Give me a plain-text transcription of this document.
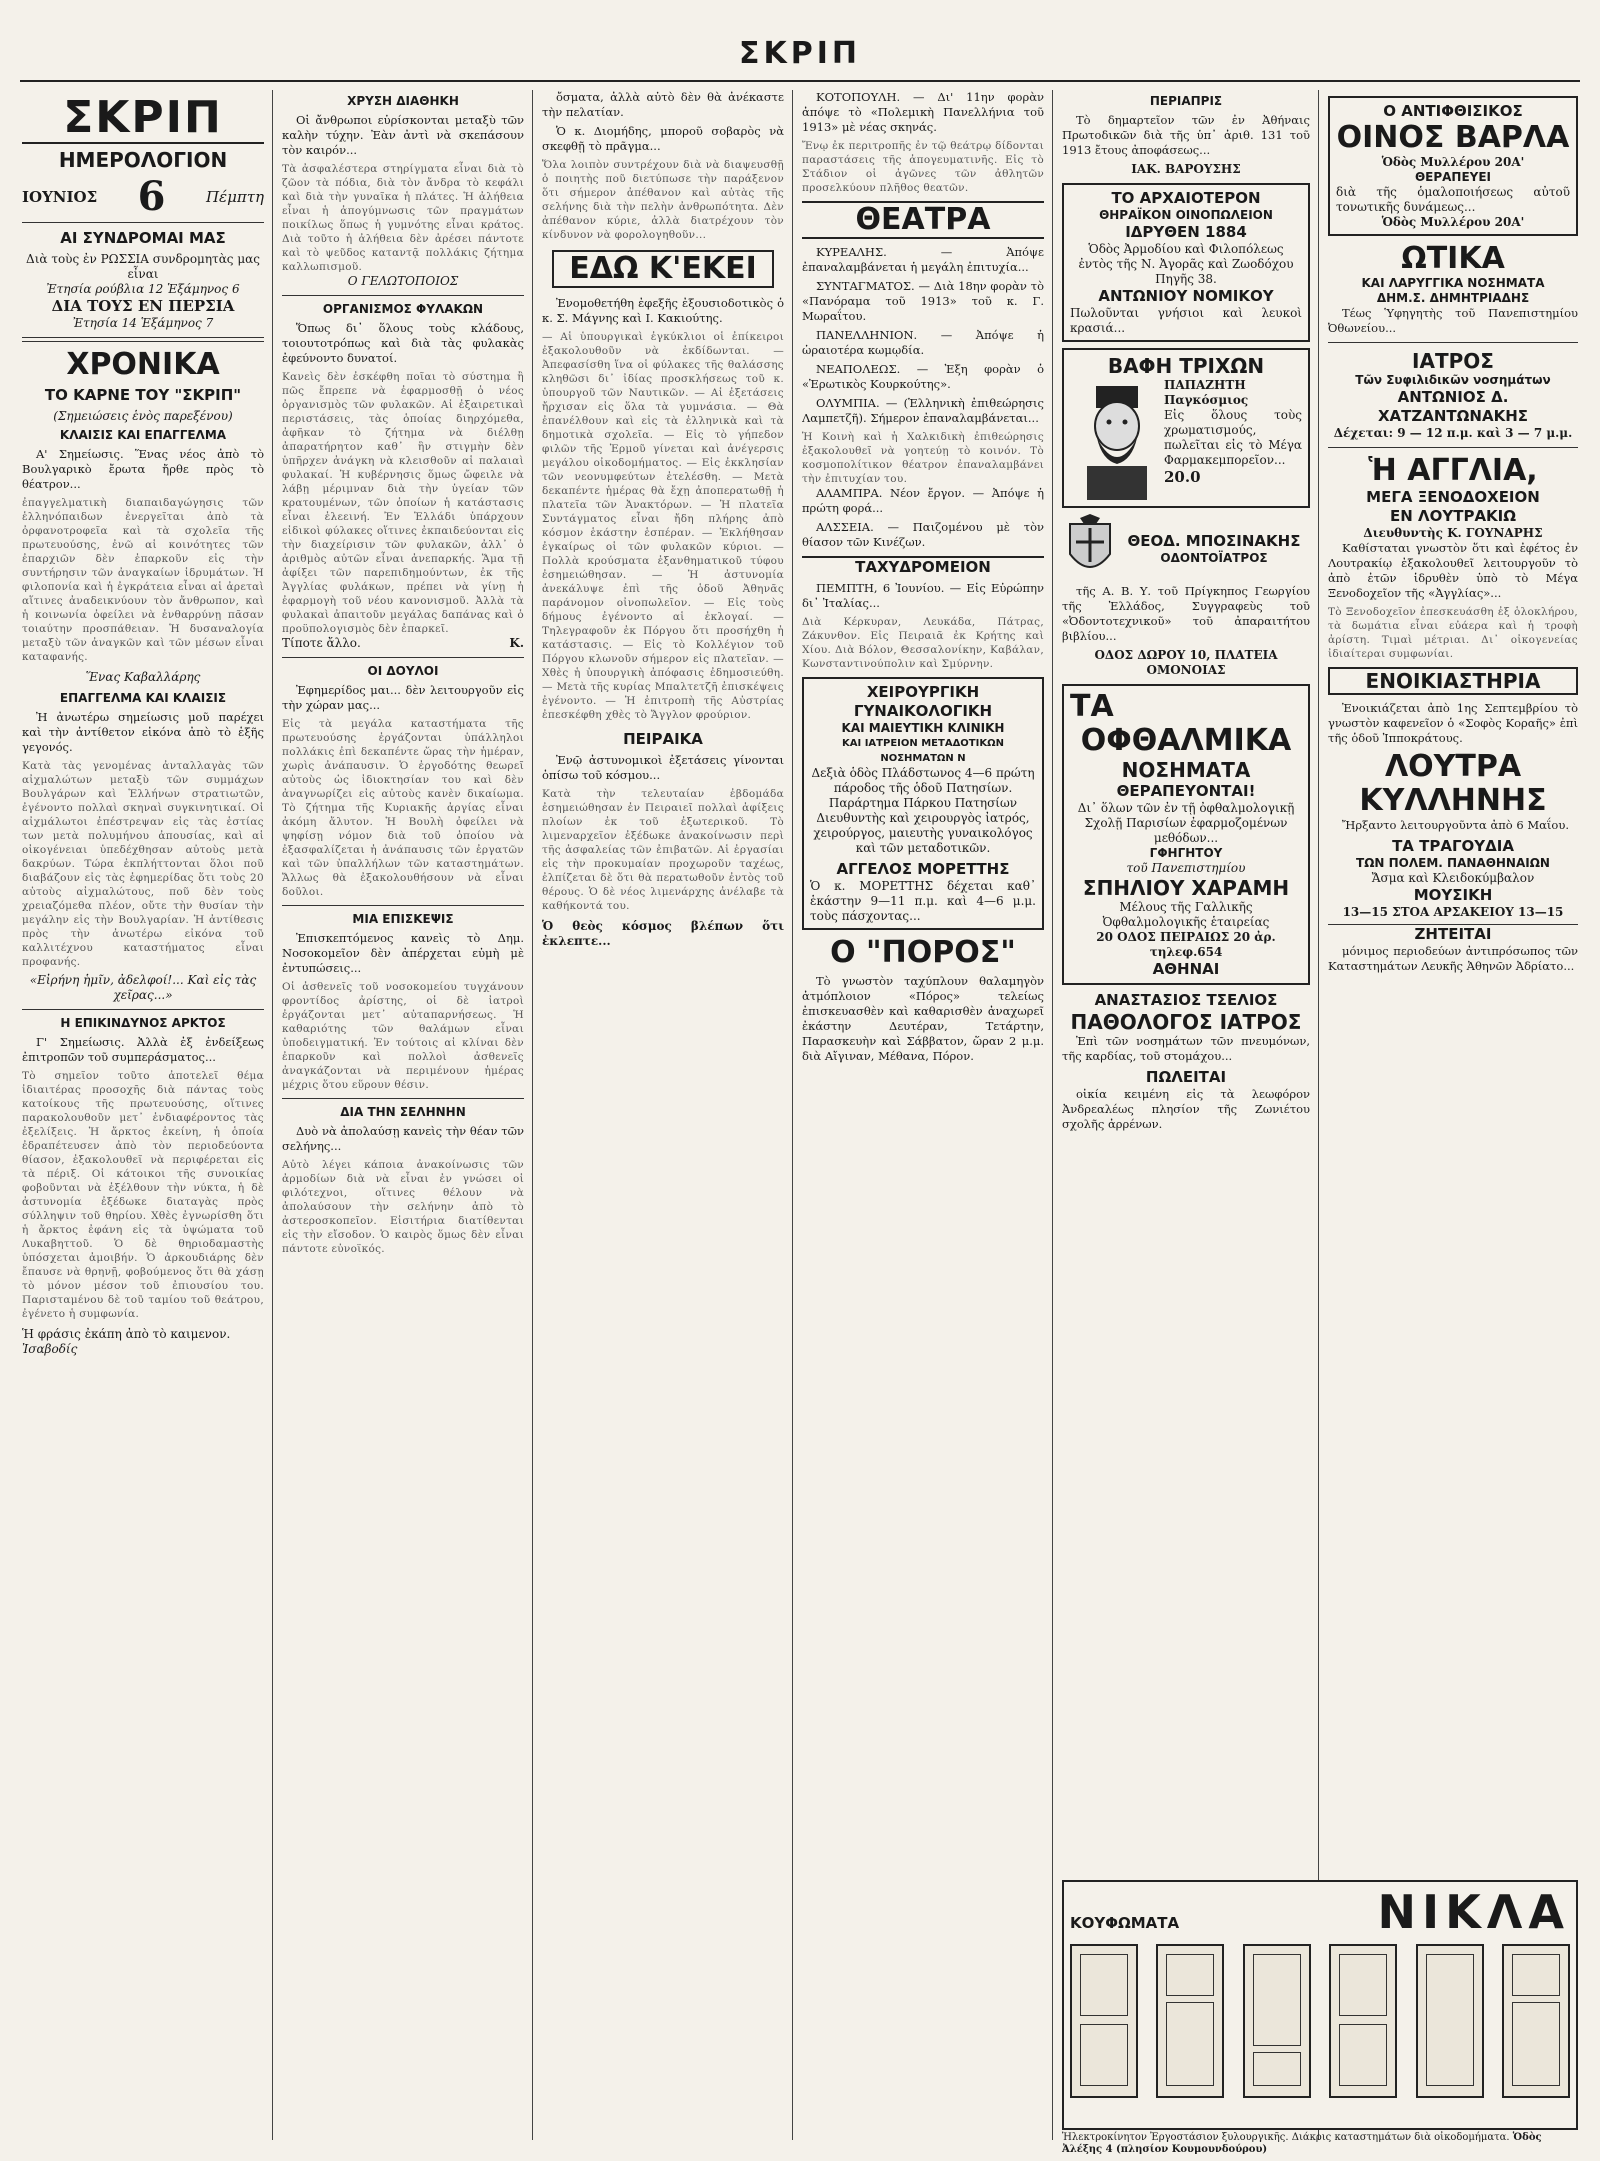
ΣΚΡΙΠ
ΣΚΡΙΠ
ΗΜΕΡΟΛΟΓΙΟΝ
ΙΟΥΝΙΟΣ 6	Πέμπτη
ΑΙ ΣΥΝΔΡΟΜΑΙ ΜΑΣ
Διὰ τοὺς ἐν ΡΩΣΣΙΑ συνδρομητὰς μας εἶναι
Ἐτησία ρούβλια 12 Ἑξάμηνος 6
ΔΙΑ ΤΟΥΣ ΕΝ ΠΕΡΣΙΑ
Ἐτησία 14 Ἑξάμηνος 7
ΧΡΟΝΙΚΑ
ΤΟ ΚΑΡΝΕ ΤΟΥ "ΣΚΡΙΠ"
(Σημειώσεις ἑνὸς παρεξένου)
ΚΛΑΙΣΙΣ ΚΑΙ ΕΠΑΓΓΕΛΜΑ

Α' Σημείωσις. Ἕνας νέος ἀπὸ τὸ Βουλγαρικὸ ἔρωτα ἤρθε πρὸς τὸ θέατρον...

ἐπαγγελματικὴ διαπαιδαγώγησις τῶν ἑλληνόπαιδων ἐνεργεῖται ἀπὸ τὰ ὀρφανοτροφεῖα καὶ τὰ σχολεῖα τῆς πρωτευούσης, ἐνῶ αἱ κοινότητες τῶν ἐπαρχιῶν δὲν ἐπαρκοῦν εἰς τὴν συντήρησιν τῶν ἀναγκαίων ἱδρυμάτων. Ἡ φιλοπονία καὶ ἡ ἐγκράτεια εἶναι αἱ ἀρεταὶ αἵτινες ἀναδεικνύουν τὸν ἄνθρωπον, καὶ ἡ κοινωνία ὀφείλει νὰ ἐνθαρρύνῃ πᾶσαν τοιαύτην προσπάθειαν. Ἡ δυσαναλογία μεταξὺ τῶν ἀναγκῶν καὶ τῶν μέσων εἶναι καταφανής.
Ἕνας Καβαλλάρης
ΕΠΑΓΓΕΛΜΑ ΚΑΙ ΚΛΑΙΣΙΣ

Ἠ ἀνωτέρω σημείωσις μοῦ παρέχει καὶ τὴν ἀντίθετον εἰκόνα ἀπὸ τὸ ἑξῆς γεγονός.

Κατὰ τὰς γενομένας ἀνταλλαγὰς τῶν αἰχμαλώτων μεταξὺ τῶν συμμάχων Βουλγάρων καὶ Ἑλλήνων στρατιωτῶν, ἐγένοντο πολλαὶ σκηναὶ συγκινητικαί. Οἱ αἰχμάλωτοι ἐπέστρεψαν εἰς τὰς ἑστίας των μετὰ πολυμήνου ἀπουσίας, καὶ αἱ οἰκογένειαι ὑπεδέχθησαν αὐτοὺς μετὰ δακρύων. Τώρα ἐκπλήττονται ὅλοι ποῦ διαβάζουν εἰς τὰς ἐφημερίδας ὅτι τοὺς 20 αὐτοὺς αἰχμαλώτους, ποῦ δὲν τοὺς χρειαζόμεθα πλέον, οὔτε τὴν θυσίαν τὴν μεγάλην εἰς τὴν Βουλγαρίαν. Ἡ ἀντίθεσις πρὸς τὴν ἀνωτέρω εἰκόνα τοῦ καλλιτέχνου καταστήματος εἶναι προφανής.
«Εἰρήνη ἡμῖν, ἀδελφοί!... Καὶ εἰς τὰς χεῖρας...»
Η ΕΠΙΚΙΝΔΥΝΟΣ ΑΡΚΤΟΣ

Γ' Σημείωσις. Ἀλλὰ ἐξ ἐνδείξεως ἐπιτροπῶν τοῦ συμπεράσματος...

Τὸ σημεῖον τοῦτο ἀποτελεῖ θέμα ἰδιαιτέρας προσοχῆς διὰ πάντας τοὺς κατοίκους τῆς πρωτευούσης, οἵτινες παρακολουθοῦν μετ᾽ ἐνδιαφέροντος τὰς ἐξελίξεις. Ἡ ἄρκτος ἐκείνη, ἡ ὁποία ἐδραπέτευσεν ἀπὸ τὸν περιοδεύοντα θίασον, ἐξακολουθεῖ νὰ περιφέρεται εἰς τὰ πέριξ. Οἱ κάτοικοι τῆς συνοικίας φοβοῦνται νὰ ἐξέλθουν τὴν νύκτα, ἡ δὲ ἀστυνομία ἐξέδωκε διαταγὰς πρὸς σύλληψιν τοῦ θηρίου. Χθὲς ἐγνωρίσθη ὅτι ἡ ἄρκτος ἐφάνη εἰς τὰ ὑψώματα τοῦ Λυκαβηττοῦ. Ὁ δὲ θηριοδαμαστὴς ὑπόσχεται ἀμοιβήν. Ὁ ἀρκουδιάρης δὲν ἔπαυσε νὰ θρηνῇ, φοβούμενος ὅτι θὰ χάσῃ τὸ μόνον μέσον τοῦ ἐπιουσίου του. Παρισταμένου δὲ τοῦ ταμίου τοῦ θεάτρου, ἐγένετο ἡ συμφωνία.
Ἡ φράσις ἐκάπη ἀπὸ τὸ καιμενον.
Ἰσαβοδίς
ΧΡΥΣΗ ΔΙΑΘΗΚΗ

Οἱ ἄνθρωποι εὑρίσκονται μεταξὺ τῶν καλὴν τύχην. Ἐὰν ἀντὶ νὰ σκεπάσουν τὸν καιρόν...

Τὰ ἀσφαλέστερα στηρίγματα εἶναι διὰ τὸ ζῶον τὰ πόδια, διὰ τὸν ἄνδρα τὸ κεφάλι καὶ διὰ τὴν γυναῖκα ἡ πλάτες. Ἡ ἀλήθεια εἶναι ἡ ἀπογύμνωσις τῶν πραγμάτων ποικίλως ὅπως ἡ γυμνότης εἶναι κράτος. Διὰ τοῦτο ἡ ἀλήθεια δὲν ἀρέσει πάντοτε καὶ τὸ ψεῦδος καταντᾷ πολλάκις ζήτημα καλλωπισμοῦ.
Ο ΓΕΛΩΤΟΠΟΙΟΣ
ΟΡΓΑΝΙΣΜΟΣ ΦΥΛΑΚΩΝ

Ὅπως δι᾽ ὅλους τοὺς κλάδους, τοιουτοτρόπως καὶ διὰ τὰς φυλακὰς ἐφεύνοντο δυνατοί.

Κανεὶς δὲν ἐσκέφθη ποῖαι τὸ σύστημα ἢ πῶς ἔπρεπε νὰ ἐφαρμοσθῇ ὁ νέος ὀργανισμὸς τῶν φυλακῶν. Αἱ ἐξαιρετικαὶ περιστάσεις, τὰς ὁποίας διηρχόμεθα, ἀφῆκαν τὸ ζήτημα νὰ διέλθῃ ἀπαρατήρητον καθ᾽ ἣν στιγμὴν δὲν ὑπῆρχεν ἀνάγκη νὰ κλεισθοῦν αἱ παλαιαὶ φυλακαί. Ἡ κυβέρνησις ὅμως ὤφειλε νὰ λάβῃ μέριμναν διὰ τὴν ὑγείαν τῶν κρατουμένων, τῶν ὁποίων ἡ κατάστασις εἶναι ἐλεεινή. Ἐν Ἑλλάδι ὑπάρχουν εἰδικοὶ φύλακες οἵτινες ἐκπαιδεύονται εἰς τὴν διαχείρισιν τῶν φυλακῶν, ἀλλ᾽ ὁ ἀριθμὸς αὐτῶν εἶναι ἀνεπαρκής. Ἅμα τῇ ἀφίξει τῶν παρεπιδημούντων, ἐκ τῆς Ἀγγλίας φυλάκων, πρέπει νὰ γίνῃ ἡ ἐφαρμογὴ τοῦ νέου κανονισμοῦ. Ἀλλὰ τὰ φυλακαὶ ἀπαιτοῦν μεγάλας δαπάνας καὶ ὁ προϋπολογισμὸς δὲν ἐπαρκεῖ.
Τίποτε ἄλλο.	Κ.
ΟΙ ΔΟΥΛΟΙ

Ἐφημερίδος μαι... δὲν λειτουργοῦν εἰς τὴν χώραν μας...

Εἰς τὰ μεγάλα καταστήματα τῆς πρωτευούσης ἐργάζονται ὑπάλληλοι πολλάκις ἐπὶ δεκαπέντε ὥρας τὴν ἡμέραν, χωρὶς ἀνάπαυσιν. Ὁ ἐργοδότης θεωρεῖ αὐτοὺς ὡς ἰδιοκτησίαν του καὶ δὲν ἀναγνωρίζει εἰς αὐτοὺς κανὲν δικαίωμα. Τὸ ζήτημα τῆς Κυριακῆς ἀργίας εἶναι ἀκόμη ἄλυτον. Ἡ Βουλὴ ὀφείλει νὰ ψηφίσῃ νόμον διὰ τοῦ ὁποίου νὰ ἐξασφαλίζεται ἡ ἀνάπαυσις τῶν ἐργατῶν καὶ τῶν ὑπαλλήλων τῶν καταστημάτων. Ἄλλως θὰ ἐξακολουθήσουν νὰ εἶναι δοῦλοι.
ΜΙΑ ΕΠΙΣΚΕΨΙΣ

Ἐπισκεπτόμενος κανεὶς τὸ Δημ. Νοσοκομεῖον δὲν ἀπέρχεται εὐμὴ μὲ ἐντυπώσεις...

Οἱ ἀσθενεῖς τοῦ νοσοκομείου τυγχάνουν φροντίδος ἀρίστης, οἱ δὲ ἰατροὶ ἐργάζονται μετ᾽ αὐταπαρνήσεως. Ἡ καθαριότης τῶν θαλάμων εἶναι ὑποδειγματική. Ἐν τούτοις αἱ κλίναι δὲν ἐπαρκοῦν καὶ πολλοὶ ἀσθενεῖς ἀναγκάζονται νὰ περιμένουν ἡμέρας μέχρις ὅτου εὕρουν θέσιν.
ΔΙΑ ΤΗΝ ΣΕΛΗΝΗΝ

Δυὸ νὰ ἀπολαύσῃ κανεὶς τὴν θέαν τῶν σελήνης...

Αὐτὸ λέγει κάποια ἀνακοίνωσις τῶν ἀρμοδίων διὰ νὰ εἶναι ἐν γνώσει οἱ φιλότεχνοι, οἵτινες θέλουν νὰ ἀπολαύσουν τὴν σελήνην ἀπὸ τὸ ἀστεροσκοπεῖον. Εἰσιτήρια διατίθενται εἰς τὴν εἴσοδον. Ὁ καιρὸς ὅμως δὲν εἶναι πάντοτε εὐνοϊκός.

ὄσματα, ἀλλὰ αὐτὸ δὲν θὰ ἀνέκαστε τὴν πελατίαν.

Ὁ κ. Διομήδης, μποροῦ σοβαρὸς νὰ σκεφθῇ τὸ πρᾶγμα...

Ὅλα λοιπὸν συντρέχουν διὰ νὰ διαψευσθῇ ὁ ποιητὴς ποῦ διετύπωσε τὴν παράξενον ὅτι σήμερον ἀπέθανον καὶ αὐτὰς τῆς σελήνης διὰ τὴν πελὴν ἀνθρωπότητα. Δὲν ἀπέθανον κύριε, ἀλλὰ διατρέχουν τὸν κίνδυνον νὰ φορολογηθοῦν...
ΕΔΩ Κ'ΕΚΕΙ

Ἐνομοθετήθη ἐφεξῆς ἐξουσιοδοτικὸς ὁ κ. Σ. Μάγνης καὶ Ι. Κακιούτης.

— Αἱ ὑπουργικαὶ ἐγκύκλιοι οἱ ἐπίκειροι ἐξακολουθοῦν νὰ ἐκδίδωνται. — Ἀπεφασίσθη ἵνα οἱ φύλακες τῆς θαλάσσης κληθῶσι δι᾽ ἰδίας προσκλήσεως τοῦ κ. ὑπουργοῦ τῶν Ναυτικῶν. — Αἱ ἐξετάσεις ἤρχισαν εἰς ὅλα τὰ γυμνάσια. — Θὰ ἐπανέλθουν καὶ εἰς τὰ ἑλληνικὰ καὶ τὰ δημοτικὰ σχολεῖα. — Εἰς τὸ γήπεδον φιλῶν τῆς Ἐρμοῦ γίνεται καὶ ἀνέγερσις μεγάλου οἰκοδομήματος. — Εἰς ἐκκλησίαν τῶν νεονυμφεύτων ἐτελέσθη. — Μετὰ δεκαπέντε ἡμέρας θὰ ἔχῃ ἀποπερατωθῇ ἡ πλατεῖα τῶν Ἀνακτόρων. — Ἡ πλατεῖα Συντάγματος εἶναι ἤδη πλήρης ἀπὸ κόσμον ἑκάστην ἑσπέραν. — Ἐκλήθησαν ἐγκαίρως οἱ τῶν φυλακῶν κύριοι. — Πολλὰ κρούσματα ἐξανθηματικοῦ τύφου ἐσημειώθησαν. — Ἡ ἀστυνομία ἀνεκάλυψε ἐπὶ τῆς ὁδοῦ Ἀθηνᾶς παράνομον οἰνοπωλεῖον. — Εἰς τοὺς δήμους ἐγένοντο αἱ ἐκλογαί. — Τηλεγραφοῦν ἐκ Πόργου ὅτι προσήχθη ἡ κατάστασις. — Εἰς τὸ Κολλέγιον τοῦ Πόργου κλωνοῦν σήμερον εἰς πλατεῖαν. — Χθὲς ἡ ὑπουργικὴ ἀπόφασις ἐδημοσιεύθη. — Μετὰ τῆς κυρίας Μπαλτετζῆ ἐπισκέψεις ἐγένοντο. — Ἡ ἐπιτροπὴ τῆς Αὐστρίας ἐπεσκέφθη χθὲς τὸ Ἄγγλον φρούριον.
ΠΕΙΡΑΙΚΑ

Ἐνῷ ἀστυνομικοὶ ἐξετάσεις γίνονται ὁπίσω τοῦ κόσμου...

Κατὰ τὴν τελευταίαν ἐβδομάδα ἐσημειώθησαν ἐν Πειραιεῖ πολλαὶ ἀφίξεις πλοίων ἐκ τοῦ ἐξωτερικοῦ. Τὸ λιμεναρχεῖον ἐξέδωκε ἀνακοίνωσιν περὶ τῆς ἀσφαλείας τῶν ἐπιβατῶν. Αἱ ἐργασίαι εἰς τὴν προκυμαίαν προχωροῦν ταχέως, ἐλπίζεται δὲ ὅτι θὰ περατωθοῦν ἐντὸς τοῦ θέρους. Ὁ δὲ νέος λιμενάρχης ἀνέλαβε τὰ καθήκοντά του.
Ὁ θεὸς κόσμος βλέπων ὅτι ἐκλεπτε...

ΚΟΤΟΠΟΥΛΗ. — Δι' 11ην φορὰν ἀπόψε τὸ «Πολεμικὴ Πανελλήνια τοῦ 1913» μὲ νέας σκηνάς.

Ἔνῳ ἐκ περιτροπῆς ἐν τῷ θεάτρῳ δίδονται παραστάσεις τῆς ἀπογευματινῆς. Εἰς τὸ Στάδιον οἱ ἀγῶνες τῶν ἀθλητῶν προσελκύουν πλῆθος θεατῶν.
ΘΕΑΤΡΑ

ΚΥΡΕΑΛΗΣ. — Ἀπόψε ἐπαναλαμβάνεται ἡ μεγάλη ἐπιτυχία...

ΣΥΝΤΑΓΜΑΤΟΣ. — Διὰ 18ην φορὰν τὸ «Πανόραμα τοῦ 1913» τοῦ κ. Γ. Μωραΐτου.

ΠΑΝΕΛΛΗΝΙΟΝ. — Ἀπόψε ἡ ὡραιοτέρα κωμῳδία.

ΝΕΑΠΟΛΕΩΣ. — Ἐξη φορὰν ὁ «Ἐρωτικὸς Κουρκούτης».

ΟΛΥΜΠΙΑ. — (Ἑλληνικὴ ἐπιθεώρησις Λαμπετζῆ). Σήμερον ἐπαναλαμβάνεται...

Ἡ Κοινὴ καὶ ἡ Χαλκιδικὴ ἐπιθεώρησις ἐξακολουθεῖ νὰ γοητεύῃ τὸ κοινόν. Τὸ κοσμοπολίτικον θέατρον ἐπαναλαμβάνει τὴν ἐπιτυχίαν του.

ΑΛΑΜΠΡΑ. Νέον ἔργον. — Ἀπόψε ἡ πρώτη φορά...

ΑΛΣΣΕΙΑ. — Παιζομένου μὲ τὸν θίασον τῶν Κινέζων.

ΤΑΧΥΔΡΟΜΕΙΟΝ

ΠΕΜΠΤΗ, 6 Ἰουνίου. — Εἰς Εὐρώπην δι᾽ Ἰταλίας...

Διὰ Κέρκυραν, Λευκάδα, Πάτρας, Ζάκυνθον. Εἰς Πειραιᾶ ἐκ Κρήτης καὶ Χίου. Διὰ Βόλον, Θεσσαλονίκην, Καβάλαν, Κωνσταντινούπολιν καὶ Σμύρνην.
ΧΕΙΡΟΥΡΓΙΚΗ ΓΥΝΑΙΚΟΛΟΓΙΚΗ
ΚΑΙ ΜΑΙΕΥΤΙΚΗ ΚΛΙΝΙΚΗ
ΚΑΙ ΙΑΤΡΕΙΟΝ ΜΕΤΑΔΟΤΙΚΩΝ ΝΟΣΗΜΑΤΩΝ Ν
Δεξιὰ ὁδὸς Πλάδστωνος 4—6 πρώτη πάροδος τῆς ὁδοῦ Πατησίων. Παράρτημα Πάρκου Πατησίων
Διευθυντὴς καὶ χειρουργὸς ἰατρός, χειρούργος, μαιευτὴς γυναικολόγος καὶ τῶν μεταδοτικῶν.
ΑΓΓΕΛΟΣ ΜΟΡΕΤΤΗΣ
Ὁ κ. ΜΟΡΕΤΤΗΣ δέχεται καθ᾽ ἑκάστην 9—11 π.μ. καὶ 4—6 μ.μ. τοὺς πάσχοντας...
Ο "ΠΟΡΟΣ"

Τὸ γνωστὸν ταχύπλουν θαλαμηγὸν ἀτμόπλοιον «Πόρος» τελείως ἐπισκευασθὲν καὶ καθαρισθὲν ἀναχωρεῖ ἐκάστην Δευτέραν, Τετάρτην, Παρασκευὴν καὶ Σάββατον, ὥραν 2 μ.μ. διὰ Αἴγιναν, Μέθανα, Πόρον.

ΠΕΡΙΑΠΡΙΣ

Τὸ δημαρτεῖον τῶν ἐν Ἀθήναις Πρωτοδικῶν διὰ τῆς ὑπ᾽ ἀριθ. 131 τοῦ 1913 ἔτους ἀποφάσεως...

ΙΑΚ. ΒΑΡΟΥΣΗΣ
ΤΟ ΑΡΧΑΙΟΤΕΡΟΝ
ΘΗΡΑΪΚΟΝ ΟΙΝΟΠΩΛΕΙΟΝ
ΙΔΡΥΘΕΝ 1884
Ὁδὸς Ἀρμοδίου καὶ Φιλοπόλεως ἐντὸς τῆς Ν. Ἀγορᾶς καὶ Ζωοδόχου Πηγῆς 38.
ΑΝΤΩΝΙΟΥ ΝΟΜΙΚΟΥ
Πωλοῦνται γνήσιοι καὶ λευκοὶ κρασιά...
ΒΑΦΗ ΤΡΙΧΩΝ
ΠΑΠΑΖΗΤΗ Παγκόσμιος
Εἰς ὅλους τοὺς χρωματισμούς, πωλεῖται εἰς τὸ Μέγα Φαρμακεμπορεῖον...
20.0
ΘΕΟΔ. ΜΠΟΣΙΝΑΚΗΣ
ΟΔΟΝΤΟΪΑΤΡΟΣ

τῆς Α. Β. Υ. τοῦ Πρίγκηπος Γεωργίου τῆς Ἑλλάδος, Συγγραφεὺς τοῦ «Ὀδοντοτεχνικοῦ» τοῦ ἀπαραιτήτου βιβλίου...

ΟΔΟΣ ΔΩΡΟΥ 10, ΠΛΑΤΕΙΑ ΟΜΟΝΟΙΑΣ
ΤΑ
ΟΦΘΑΛΜΙΚΑ
ΝΟΣΗΜΑΤΑ
ΘΕΡΑΠΕΥΟΝΤΑΙ!
Δι᾽ ὅλων τῶν ἐν τῇ ὀφθαλμολογικῇ Σχολῇ Παρισίων ἐφαρμοζομένων μεθόδων...
ΓΦΗΓΗΤΟΥ
τοῦ Πανεπιστημίου
ΣΠΗΛΙΟΥ ΧΑΡΑΜΗ
Μέλους τῆς Γαλλικῆς Ὀφθαλμολογικῆς ἑταιρείας
20 ΟΔΟΣ ΠΕΙΡΑΙΩΣ 20 ἀρ. τηλεφ.654
ΑΘΗΝΑΙ
ΑΝΑΣΤΑΣΙΟΣ ΤΣΕΛΙΟΣ
ΠΑΘΟΛΟΓΟΣ ΙΑΤΡΟΣ

Ἐπὶ τῶν νοσημάτων τῶν πνευμόνων, τῆς καρδίας, τοῦ στομάχου...

ΠΩΛΕΙΤΑΙ

οἰκία κειμένη εἰς τὰ λεωφόρον Ἀνδρεαλέως πλησίον τῆς Ζωνιέτου σχολῆς ἀρρένων.

Ο ΑΝΤΙΦΘΙΣΙΚΟΣ
ΟΙΝΟΣ ΒΑΡΛΑ
Ὁδὸς Μυλλέρου 20Α'
ΘΕΡΑΠΕΥΕΙ
διὰ τῆς ὁμαλοποιήσεως αὐτοῦ τονωτικῆς δυνάμεως...
Ὁδὸς Μυλλέρου 20Α'
ΩΤΙΚΑ
ΚΑΙ ΛΑΡΥΓΓΙΚΑ ΝΟΣΗΜΑΤΑ
ΔΗΜ.Σ. ΔΗΜΗΤΡΙΑΔΗΣ

Τέως Ὑφηγητὴς τοῦ Πανεπιστημίου Ὀθωνείου...

ΙΑΤΡΟΣ
Τῶν Συφιλιδικῶν νοσημάτων
ΑΝΤΩΝΙΟΣ Δ. ΧΑΤΖΑΝΤΩΝΑΚΗΣ
Δέχεται: 9 — 12 π.μ. καὶ 3 — 7 μ.μ.
Ἡ ΑΓΓΛΙΑ,
ΜΕΓΑ ΞΕΝΟΔΟΧΕΙΟΝ
ΕΝ ΛΟΥΤΡΑΚΙΩ
Διευθυντὴς Κ. ΓΟΥΝΑΡΗΣ

Καθίσταται γνωστὸν ὅτι καὶ ἐφέτος ἐν Λουτρακίῳ ἐξακολουθεῖ λειτουργοῦν τὸ ἀπὸ ἐτῶν ἱδρυθὲν ὑπὸ τὸ Μέγα Ξενοδοχεῖον τῆς «Ἀγγλίας»...

Τὸ Ξενοδοχεῖον ἐπεσκευάσθη ἐξ ὁλοκλήρου, τὰ δωμάτια εἶναι εὐάερα καὶ ἡ τροφὴ ἀρίστη. Τιμαὶ μέτριαι. Δι᾽ οἰκογενείας ἰδιαίτεραι συμφωνίαι.
ΕΝΟΙΚΙΑΣΤΗΡΙΑ

Ἐνοικιάζεται ἀπὸ 1ης Σεπτεμβρίου τὸ γνωστὸν καφενεῖον ὁ «Σοφὸς Κοραῆς» ἐπὶ τῆς ὁδοῦ Ἱπποκράτους.

ΛΟΥΤΡΑ
ΚΥΛΛΗΝΗΣ

Ἤρξαντο λειτουργοῦντα ἀπὸ 6 Μαΐου.

ΤΑ ΤΡΑΓΟΥΔΙΑ
ΤΩΝ ΠΟΛΕΜ. ΠΑΝΑΘΗΝΑΙΩΝ
Ἄσμα καὶ Κλειδοκύμβαλον
ΜΟΥΣΙΚΗ
13—15 ΣΤΟΑ ΑΡΣΑΚΕΙΟΥ 13—15
ΖΗΤΕΙΤΑΙ

μόνιμος περιοδεύων ἀντιπρόσωπος τῶν Καταστημάτων Λευκῆς Ἀθηνῶν Ἀδρίατο...

ΚΟΥΦΩΜΑΤΑ	ΝΙΚΛΑ
Ἡλεκτροκίνητον Ἐργοστάσιον ξυλουργικῆς. Διάκρις καταστημάτων διὰ οἰκοδομήματα. Ὁδὸς Ἀλέξης 4 (πλησίον Κουμουνδούρου)
